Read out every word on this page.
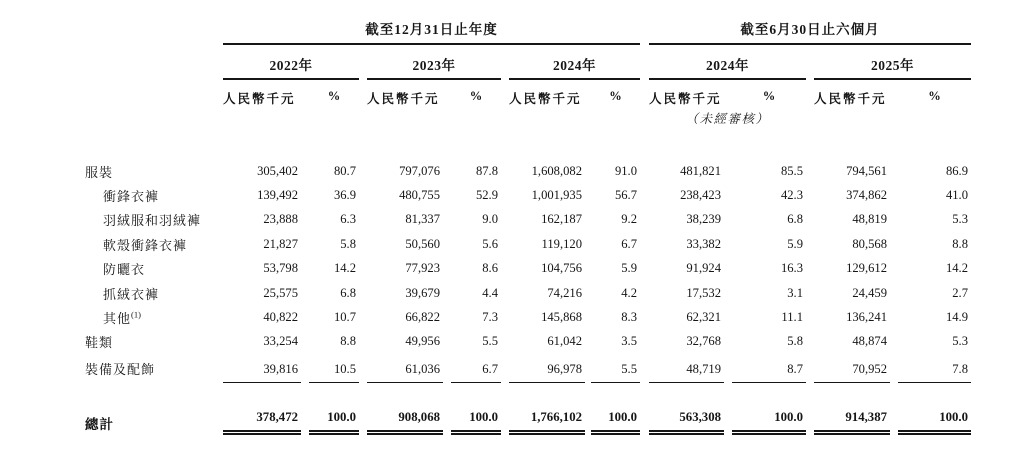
截至12月31日止年度	截至6月30日止六個月
2022年	2023年	2024年	2024年	2025年
人民幣千元	%	人民幣千元	%	人民幣千元	%	人民幣千元	%	人民幣千元	%
（未經審核）
服裝	305,402	80.7	797,076	87.8	1,608,082	91.0	481,821	85.5	794,561	86.9
衝鋒衣褲	139,492	36.9	480,755	52.9	1,001,935	56.7	238,423	42.3	374,862	41.0
羽絨服和羽絨褲	23,888	6.3	81,337	9.0	162,187	9.2	38,239	6.8	48,819	5.3
軟殼衝鋒衣褲	21,827	5.8	50,560	5.6	119,120	6.7	33,382	5.9	80,568	8.8
防曬衣	53,798	14.2	77,923	8.6	104,756	5.9	91,924	16.3	129,612	14.2
抓絨衣褲	25,575	6.8	39,679	4.4	74,216	4.2	17,532	3.1	24,459	2.7
其他$^{(1)}$	40,822	10.7	66,822	7.3	145,868	8.3	62,321	11.1	136,241	14.9
鞋類	33,254	8.8	49,956	5.5	61,042	3.5	32,768	5.8	48,874	5.3
裝備及配飾	39,816	10.5	61,036	6.7	96,978	5.5	48,719	8.7	70,952	7.8
總計	378,472	100.0	908,068	100.0	1,766,102	100.0	563,308	100.0	914,387	100.0
